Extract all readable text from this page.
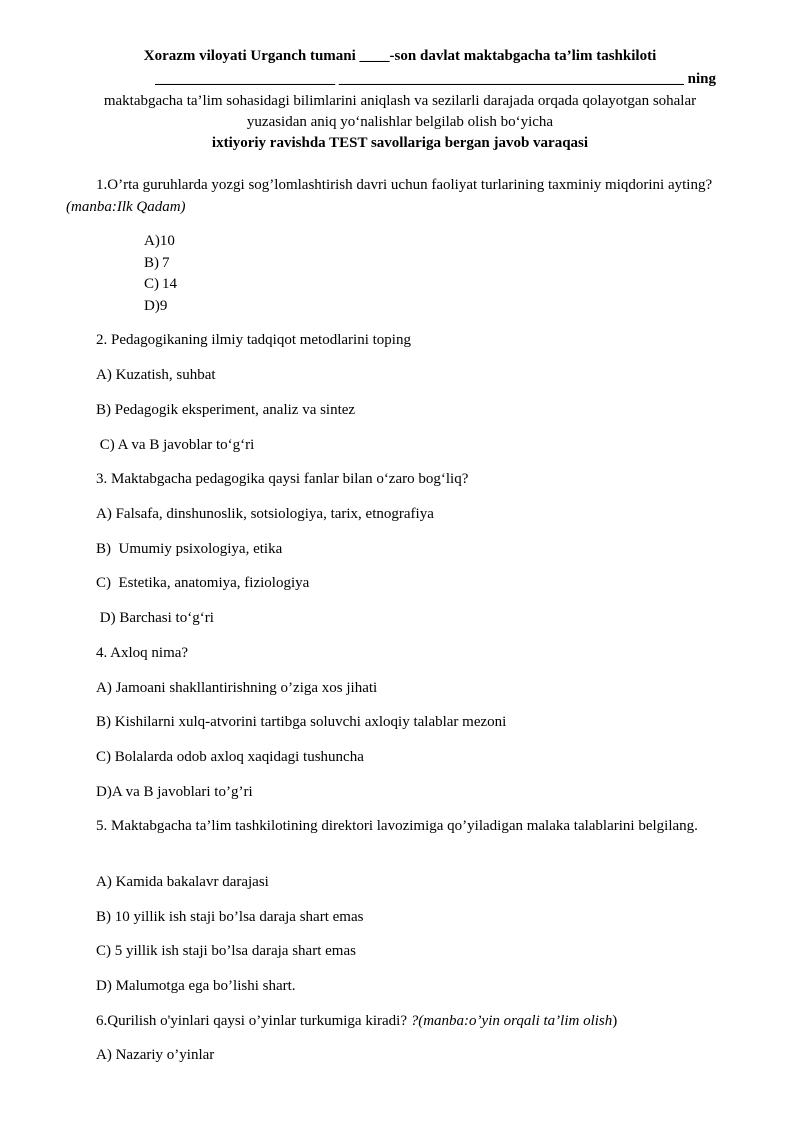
Xorazm viloyati Urganch tumani ____-son davlat maktabgacha ta’lim tashkiloti
________________________ ______________________________________________ ning
maktabgacha ta’lim sohasidagi bilimlarini aniqlash va sezilarli darajada orqada qolayotgan sohalar
yuzasidan aniq yo‘nalishlar belgilab olish bo‘yicha
ixtiyoriy ravishda TEST savollariga bergan javob varaqasi
1.O’rta guruhlarda yozgi sog’lomlashtirish davri uchun faoliyat turlarining taxminiy miqdorini ayting? (manba:Ilk Qadam)
A)10
B) 7
C) 14
D)9
2. Pedagogikaning ilmiy tadqiqot metodlarini toping
A) Kuzatish, suhbat
B) Pedagogik eksperiment, analiz va sintez
C) A va B javoblar to‘g‘ri
3. Maktabgacha pedagogika qaysi fanlar bilan o‘zaro bog‘liq?
A) Falsafa, dinshunoslik, sotsiologiya, tarix, etnografiya
B)  Umumiy psixologiya, etika
C)  Estetika, anatomiya, fiziologiya
D) Barchasi to‘g‘ri
4. Axloq nima?
A) Jamoani shakllantirishning o’ziga xos jihati
B) Kishilarni xulq-atvorini tartibga soluvchi axloqiy talablar mezoni
C) Bolalarda odob axloq xaqidagi tushuncha
D)A va B javoblari to’g’ri
5. Maktabgacha ta’lim tashkilotining direktori lavozimiga qo’yiladigan malaka talablarini belgilang.
A) Kamida bakalavr darajasi
B) 10 yillik ish staji bo’lsa daraja shart emas
C) 5 yillik ish staji bo’lsa daraja shart emas
D) Malumotga ega bo’lishi shart.
6.Qurilish o'yinlari qaysi o’yinlar turkumiga kiradi? ?(manba:o’yin orqali ta’lim olish)
A) Nazariy o’yinlar
